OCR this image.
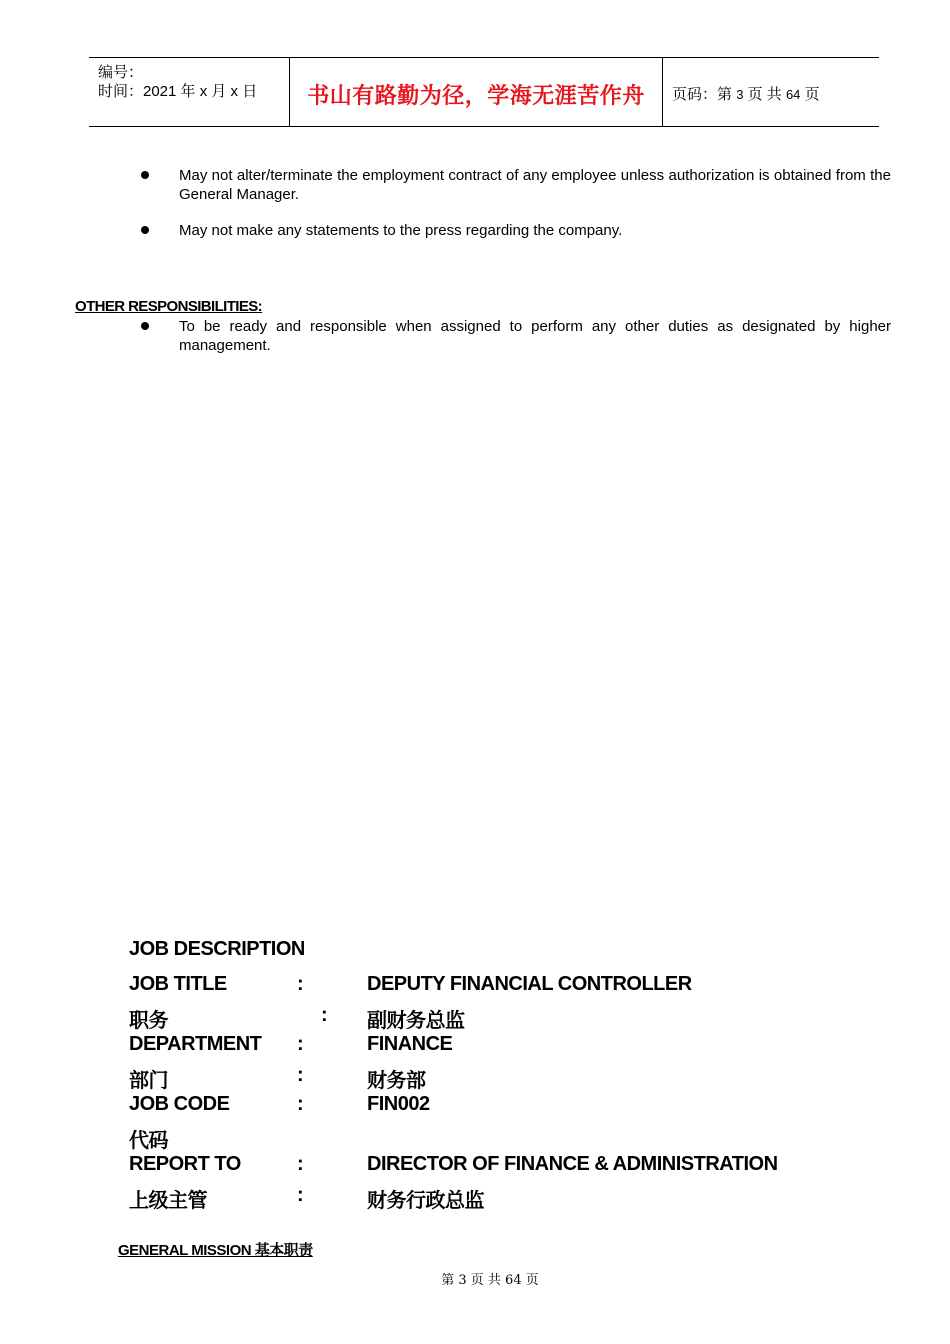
编号：
时间：2021 年 x 月 x 日	书山有路勤为径，学海无涯苦作舟	页码：第 3 页 共 64 页
May not alter/terminate the employment contract of any employee unless authorization is obtained from the General Manager.
May not make any statements to the press regarding the company.
OTHER RESPONSIBILITIES:
To be ready and responsible when assigned to perform any other duties as designated by higher management.
JOB DESCRIPTION
JOB TITLE	:	DEPUTY FINANCIAL CONTROLLER
职务	: 副财务总监
DEPARTMENT :	FINANCE
部门	:	财务部
JOB CODE	:	FIN002
代码
REPORT TO	:	DIRECTOR OF FINANCE & ADMINISTRATION
上级主管	:	财务行政总监
GENERAL MISSION 基本职责
第 3 页 共 64 页
